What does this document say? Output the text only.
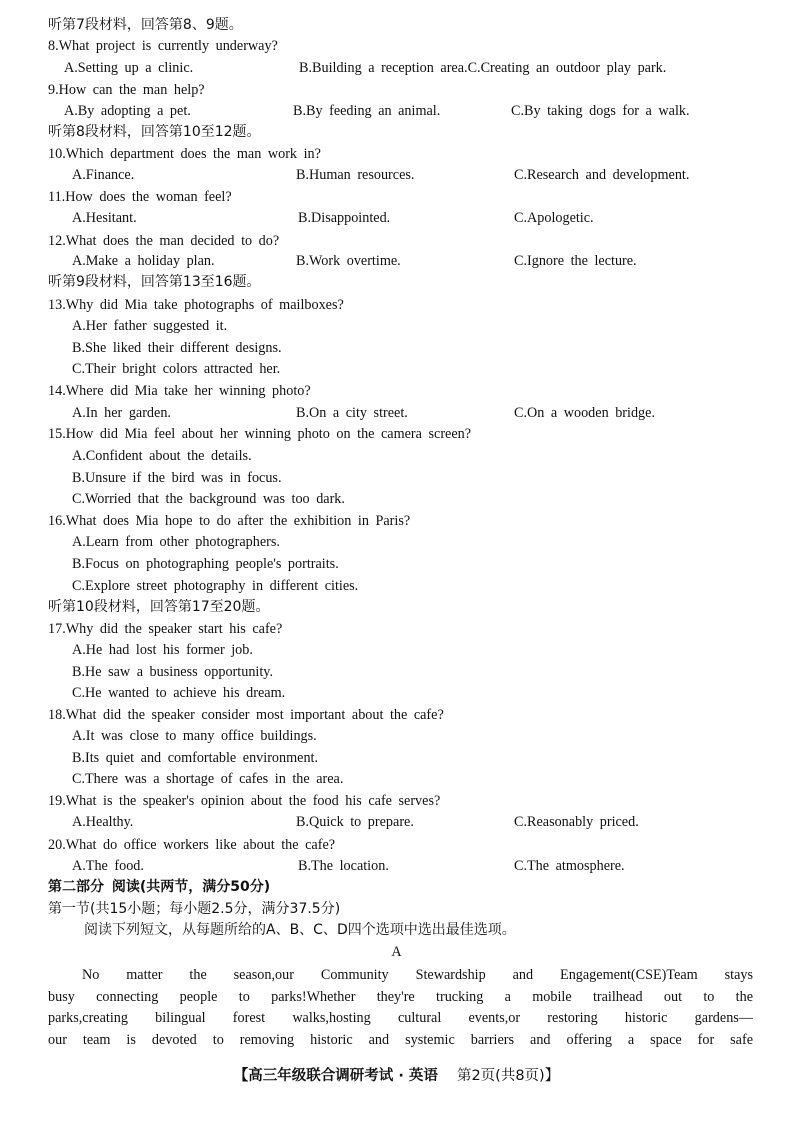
听第7段材料，回答第8、9题。
8.What project is currently underway?
A.Setting up a clinic.	B.Building a reception area. C.Creating an outdoor play park.
9.How can the man help?
A.By adopting a pet.	B.By feeding an animal.	C.By taking dogs for a walk.
听第8段材料，回答第10至12题。
10.Which department does the man work in?
A.Finance.	B.Human resources.	C.Research and development.
11.How does the woman feel?
A.Hesitant.	B.Disappointed.	C.Apologetic.
12.What does the man decided to do?
A.Make a holiday plan.	B.Work overtime.	C.Ignore the lecture.
听第9段材料，回答第13至16题。
13.Why did Mia take photographs of mailboxes?
A.Her father suggested it.
B.She liked their different designs.
C.Their bright colors attracted her.
14.Where did Mia take her winning photo?
A.In her garden.	B.On a city street.	C.On a wooden bridge.
15.How did Mia feel about her winning photo on the camera screen?
A.Confident about the details.
B.Unsure if the bird was in focus.
C.Worried that the background was too dark.
16.What does Mia hope to do after the exhibition in Paris?
A.Learn from other photographers.
B.Focus on photographing people's portraits.
C.Explore street photography in different cities.
听第10段材料，回答第17至20题。
17.Why did the speaker start his cafe?
A.He had lost his former job.
B.He saw a business opportunity.
C.He wanted to achieve his dream.
18.What did the speaker consider most important about the cafe?
A.It was close to many office buildings.
B.Its quiet and comfortable environment.
C.There was a shortage of cafes in the area.
19.What is the speaker's opinion about the food his cafe serves?
A.Healthy.	B.Quick to prepare.	C.Reasonably priced.
20.What do office workers like about the cafe?
A.The food.	B.The location.	C.The atmosphere.
第二部分 阅读(共两节，满分50分)
第一节(共15小题；每小题2.5分，满分37.5分)
阅读下列短文，从每题所给的A、B、C、D四个选项中选出最佳选项。
A
No matter the season,our Community Stewardship and Engagement(CSE)Team stays
busy connecting people to parks!Whether they're trucking a mobile trailhead out to the
parks,creating bilingual forest walks,hosting cultural events,or restoring historic gardens—
our team is devoted to removing historic and systemic barriers and offering a space for safe
【高三年级联合调研考试 · 英语 第2页(共8页)】
